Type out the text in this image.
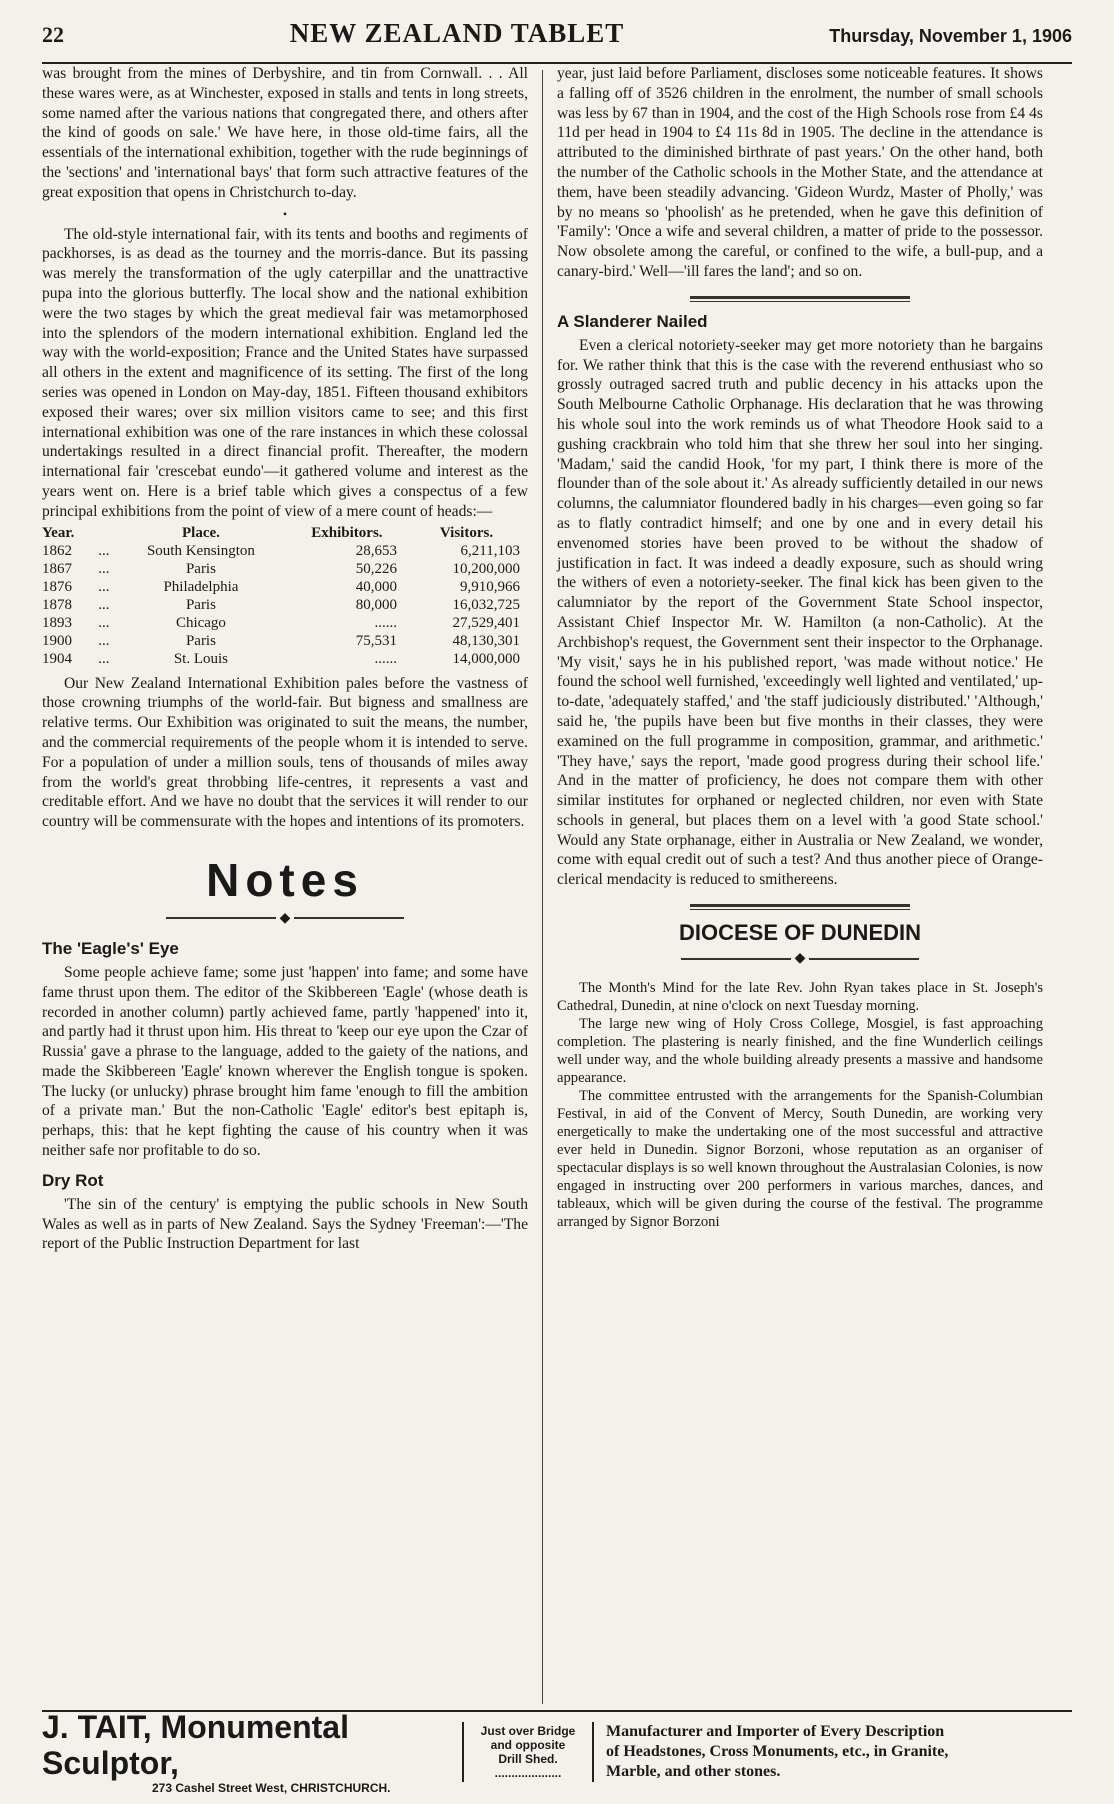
22	NEW ZEALAND TABLET	Thursday, November 1, 1906

was brought from the mines of Derbyshire, and tin from Cornwall. . . All these wares were, as at Winchester, exposed in stalls and tents in long streets, some named after the various nations that congregated there, and others after the kind of goods on sale.' We have here, in those old-time fairs, all the essentials of the international exhibition, together with the rude beginnings of the 'sections' and 'international bays' that form such attractive features of the great exposition that opens in Christchurch to-day.

•

The old-style international fair, with its tents and booths and regiments of packhorses, is as dead as the tourney and the morris-dance. But its passing was merely the transformation of the ugly caterpillar and the unattractive pupa into the glorious butterfly. The local show and the national exhibition were the two stages by which the great medieval fair was metamorphosed into the splendors of the modern international exhibition. England led the way with the world-exposition; France and the United States have surpassed all others in the extent and magnificence of its setting. The first of the long series was opened in London on May-day, 1851. Fifteen thousand exhibitors exposed their wares; over six million visitors came to see; and this first international exhibition was one of the rare instances in which these colossal undertakings resulted in a direct financial profit. Thereafter, the modern international fair 'crescebat eundo'—it gathered volume and interest as the years went on. Here is a brief table which gives a conspectus of a few principal exhibitions from the point of view of a mere count of heads:—

Year.		Place.	Exhibitors.	Visitors.
1862	...	South Kensington	28,653	6,211,103
1867	...	Paris	50,226	10,200,000
1876	...	Philadelphia	40,000	9,910,966
1878	...	Paris	80,000	16,032,725
1893	...	Chicago	......	27,529,401
1900	...	Paris	75,531	48,130,301
1904	...	St. Louis	......	14,000,000

Our New Zealand International Exhibition pales before the vastness of those crowning triumphs of the world-fair. But bigness and smallness are relative terms. Our Exhibition was originated to suit the means, the number, and the commercial requirements of the people whom it is intended to serve. For a population of under a million souls, tens of thousands of miles away from the world's great throbbing life-centres, it represents a vast and creditable effort. And we have no doubt that the services it will render to our country will be commensurate with the hopes and intentions of its promoters.

Notes
◆
The 'Eagle's' Eye

Some people achieve fame; some just 'happen' into fame; and some have fame thrust upon them. The editor of the Skibbereen 'Eagle' (whose death is recorded in another column) partly achieved fame, partly 'happened' into it, and partly had it thrust upon him. His threat to 'keep our eye upon the Czar of Russia' gave a phrase to the language, added to the gaiety of the nations, and made the Skibbereen 'Eagle' known wherever the English tongue is spoken. The lucky (or unlucky) phrase brought him fame 'enough to fill the ambition of a private man.' But the non-Catholic 'Eagle' editor's best epitaph is, perhaps, this: that he kept fighting the cause of his country when it was neither safe nor profitable to do so.

Dry Rot

'The sin of the century' is emptying the public schools in New South Wales as well as in parts of New Zealand. Says the Sydney 'Freeman':—'The report of the Public Instruction Department for last

year, just laid before Parliament, discloses some noticeable features. It shows a falling off of 3526 children in the enrolment, the number of small schools was less by 67 than in 1904, and the cost of the High Schools rose from £4 4s 11d per head in 1904 to £4 11s 8d in 1905. The decline in the attendance is attributed to the diminished birthrate of past years.' On the other hand, both the number of the Catholic schools in the Mother State, and the attendance at them, have been steadily advancing. 'Gideon Wurdz, Master of Pholly,' was by no means so 'phoolish' as he pretended, when he gave this definition of 'Family': 'Once a wife and several children, a matter of pride to the possessor. Now obsolete among the careful, or confined to the wife, a bull-pup, and a canary-bird.' Well—'ill fares the land'; and so on.

A Slanderer Nailed

Even a clerical notoriety-seeker may get more notoriety than he bargains for. We rather think that this is the case with the reverend enthusiast who so grossly outraged sacred truth and public decency in his attacks upon the South Melbourne Catholic Orphanage. His declaration that he was throwing his whole soul into the work reminds us of what Theodore Hook said to a gushing crackbrain who told him that she threw her soul into her singing. 'Madam,' said the candid Hook, 'for my part, I think there is more of the flounder than of the sole about it.' As already sufficiently detailed in our news columns, the calumniator floundered badly in his charges—even going so far as to flatly contradict himself; and one by one and in every detail his envenomed stories have been proved to be without the shadow of justification in fact. It was indeed a deadly exposure, such as should wring the withers of even a notoriety-seeker. The final kick has been given to the calumniator by the report of the Government State School inspector, Assistant Chief Inspector Mr. W. Hamilton (a non-Catholic). At the Archbishop's request, the Government sent their inspector to the Orphanage. 'My visit,' says he in his published report, 'was made without notice.' He found the school well furnished, 'exceedingly well lighted and ventilated,' up-to-date, 'adequately staffed,' and 'the staff judiciously distributed.' 'Although,' said he, 'the pupils have been but five months in their classes, they were examined on the full programme in composition, grammar, and arithmetic.' 'They have,' says the report, 'made good progress during their school life.' And in the matter of proficiency, he does not compare them with other similar institutes for orphaned or neglected children, nor even with State schools in general, but places them on a level with 'a good State school.' Would any State orphanage, either in Australia or New Zealand, we wonder, come with equal credit out of such a test? And thus another piece of Orange-clerical mendacity is reduced to smithereens.

DIOCESE OF DUNEDIN
◆

The Month's Mind for the late Rev. John Ryan takes place in St. Joseph's Cathedral, Dunedin, at nine o'clock on next Tuesday morning.

The large new wing of Holy Cross College, Mosgiel, is fast approaching completion. The plastering is nearly finished, and the fine Wunderlich ceilings well under way, and the whole building already presents a massive and handsome appearance.

The committee entrusted with the arrangements for the Spanish-Columbian Festival, in aid of the Convent of Mercy, South Dunedin, are working very energetically to make the undertaking one of the most successful and attractive ever held in Dunedin. Signor Borzoni, whose reputation as an organiser of spectacular displays is so well known throughout the Australasian Colonies, is now engaged in instructing over 200 performers in various marches, dances, and tableaux, which will be given during the course of the festival. The programme arranged by Signor Borzoni

J. TAIT, Monumental Sculptor,
273 Cashel Street West, CHRISTCHURCH.
Just over Bridge
and opposite
Drill Shed.
....................
Manufacturer and Importer of Every Description
of Headstones, Cross Monuments, etc., in Granite,
Marble, and other stones.
